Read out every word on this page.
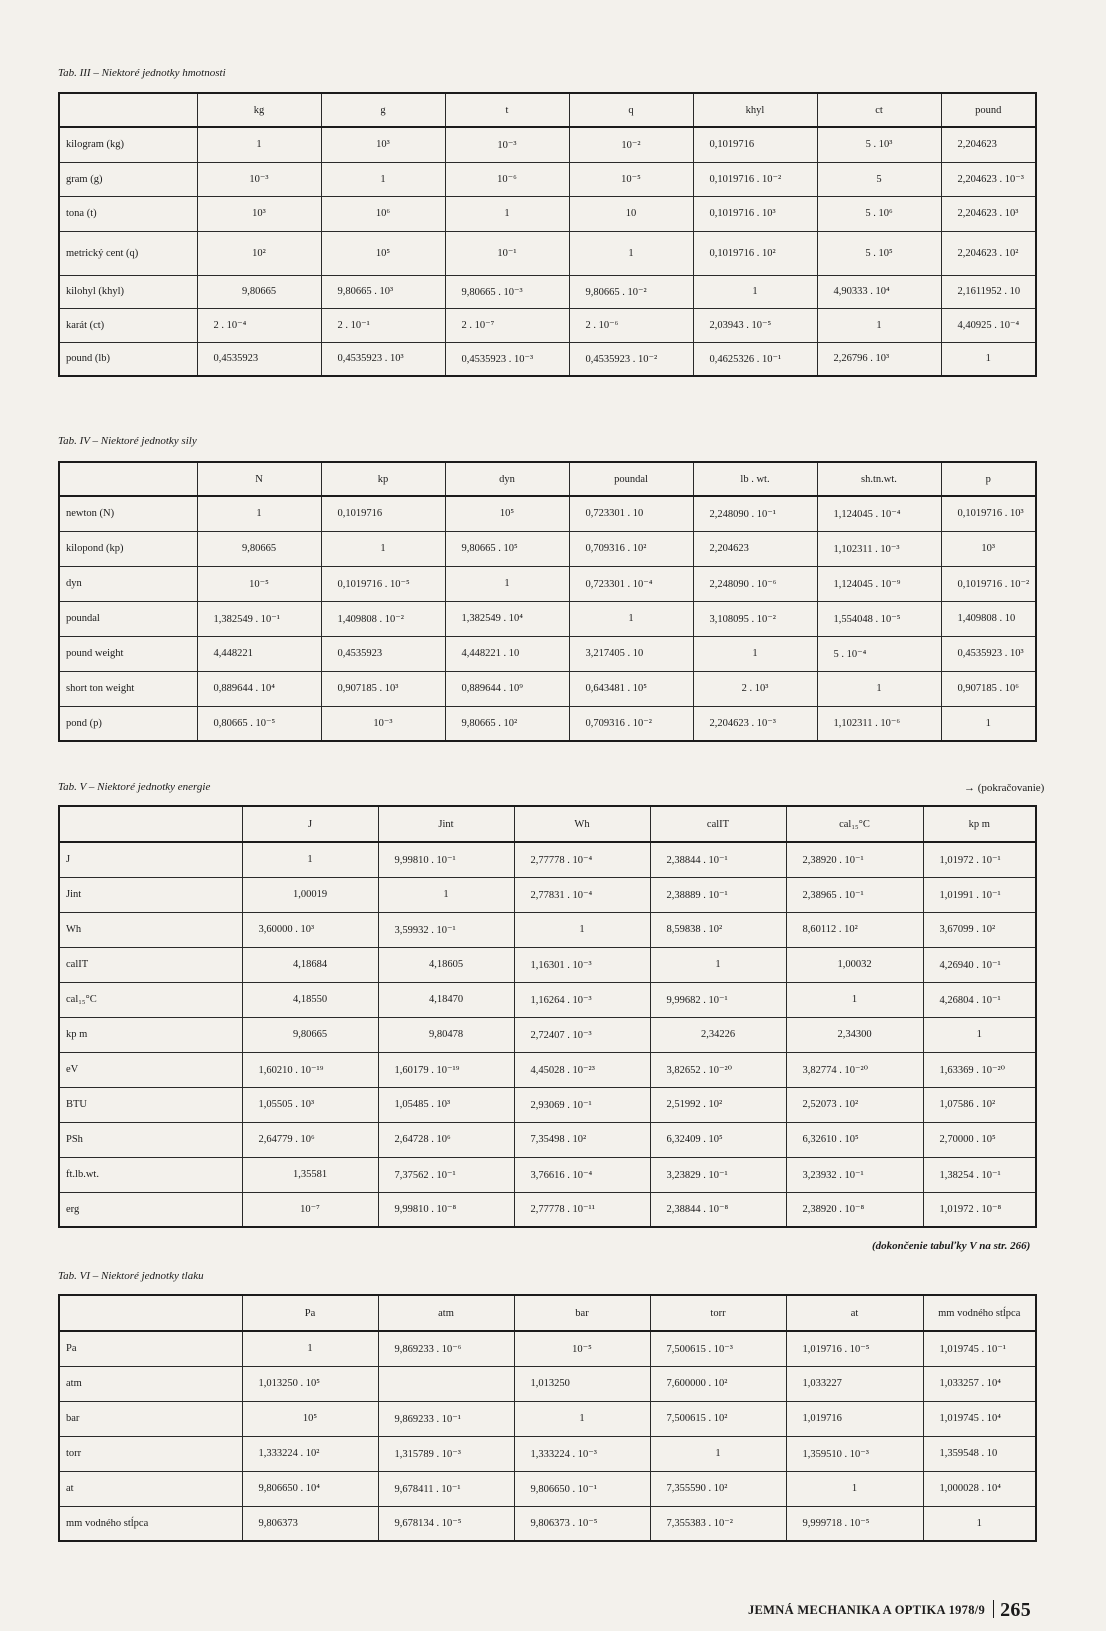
Tab. III – Niektoré jednotky hmotnosti
	kg	g	t	q	khyl	ct	pound
kilogram (kg)	1	10³	10⁻³	10⁻²	0,1019716	5 . 10³	2,204623
gram (g)	10⁻³	1	10⁻⁶	10⁻⁵	0,1019716 . 10⁻²	5	2,204623 . 10⁻³
tona (t)	10³	10⁶	1	10	0,1019716 . 10³	5 . 10⁶	2,204623 . 10³
metrický cent (q)	10²	10⁵	10⁻¹	1	0,1019716 . 10²	5 . 10⁵	2,204623 . 10²
kilohyl (khyl)	9,80665	9,80665 . 10³	9,80665 . 10⁻³	9,80665 . 10⁻²	1	4,90333 . 10⁴	2,1611952 . 10
karát (ct)	2 . 10⁻⁴	2 . 10⁻¹	2 . 10⁻⁷	2 . 10⁻⁶	2,03943 . 10⁻⁵	1	4,40925 . 10⁻⁴
pound (lb)	0,4535923	0,4535923 . 10³	0,4535923 . 10⁻³	0,4535923 . 10⁻²	0,4625326 . 10⁻¹	2,26796 . 10³	1
Tab. IV – Niektoré jednotky sily
	N	kp	dyn	poundal	lb . wt.	sh.tn.wt.	p
newton (N)	1	0,1019716	10⁵	0,723301 . 10	2,248090 . 10⁻¹	1,124045 . 10⁻⁴	0,1019716 . 10³
kilopond (kp)	9,80665	1	9,80665 . 10⁵	0,709316 . 10²	2,204623	1,102311 . 10⁻³	10³
dyn	10⁻⁵	0,1019716 . 10⁻⁵	1	0,723301 . 10⁻⁴	2,248090 . 10⁻⁶	1,124045 . 10⁻⁹	0,1019716 . 10⁻²
poundal	1,382549 . 10⁻¹	1,409808 . 10⁻²	1,382549 . 10⁴	1	3,108095 . 10⁻²	1,554048 . 10⁻⁵	1,409808 . 10
pound weight	4,448221	0,4535923	4,448221 . 10	3,217405 . 10	1	5 . 10⁻⁴	0,4535923 . 10³
short ton weight	0,889644 . 10⁴	0,907185 . 10³	0,889644 . 10⁹	0,643481 . 10⁵	2 . 10³	1	0,907185 . 10⁶
pond (p)	0,80665 . 10⁻⁵	10⁻³	9,80665 . 10²	0,709316 . 10⁻²	2,204623 . 10⁻³	1,102311 . 10⁻⁶	1
Tab. V – Niektoré jednotky energie	→ (pokračovanie)
	J	Jint	Wh	calIT	cal₁₅°C	kp m
J	1	9,99810 . 10⁻¹	2,77778 . 10⁻⁴	2,38844 . 10⁻¹	2,38920 . 10⁻¹	1,01972 . 10⁻¹
Jint	1,00019	1	2,77831 . 10⁻⁴	2,38889 . 10⁻¹	2,38965 . 10⁻¹	1,01991 . 10⁻¹
Wh	3,60000 . 10³	3,59932 . 10⁻¹	1	8,59838 . 10²	8,60112 . 10²	3,67099 . 10²
calIT	4,18684	4,18605	1,16301 . 10⁻³	1	1,00032	4,26940 . 10⁻¹
cal₁₅°C	4,18550	4,18470	1,16264 . 10⁻³	9,99682 . 10⁻¹	1	4,26804 . 10⁻¹
kp m	9,80665	9,80478	2,72407 . 10⁻³	2,34226	2,34300	1
eV	1,60210 . 10⁻¹⁹	1,60179 . 10⁻¹⁹	4,45028 . 10⁻²³	3,82652 . 10⁻²⁰	3,82774 . 10⁻²⁰	1,63369 . 10⁻²⁰
BTU	1,05505 . 10³	1,05485 . 10³	2,93069 . 10⁻¹	2,51992 . 10²	2,52073 . 10²	1,07586 . 10²
PSh	2,64779 . 10⁶	2,64728 . 10⁶	7,35498 . 10²	6,32409 . 10⁵	6,32610 . 10⁵	2,70000 . 10⁵
ft.lb.wt.	1,35581	7,37562 . 10⁻¹	3,76616 . 10⁻⁴	3,23829 . 10⁻¹	3,23932 . 10⁻¹	1,38254 . 10⁻¹
erg	10⁻⁷	9,99810 . 10⁻⁸	2,77778 . 10⁻¹¹	2,38844 . 10⁻⁸	2,38920 . 10⁻⁸	1,01972 . 10⁻⁸
(dokončenie tabuľky V na str. 266)
Tab. VI – Niektoré jednotky tlaku
	Pa	atm	bar	torr	at	mm vodného stĺpca
Pa	1	9,869233 . 10⁻⁶	10⁻⁵	7,500615 . 10⁻³	1,019716 . 10⁻⁵	1,019745 . 10⁻¹
atm	1,013250 . 10⁵		1,013250	7,600000 . 10²	1,033227	1,033257 . 10⁴
bar	10⁵	9,869233 . 10⁻¹	1	7,500615 . 10²	1,019716	1,019745 . 10⁴
torr	1,333224 . 10²	1,315789 . 10⁻³	1,333224 . 10⁻³	1	1,359510 . 10⁻³	1,359548 . 10
at	9,806650 . 10⁴	9,678411 . 10⁻¹	9,806650 . 10⁻¹	7,355590 . 10²	1	1,000028 . 10⁴
mm vodného stĺpca	9,806373	9,678134 . 10⁻⁵	9,806373 . 10⁻⁵	7,355383 . 10⁻²	9,999718 . 10⁻⁵	1
JEMNÁ MECHANIKA A OPTIKA 1978/9 265
